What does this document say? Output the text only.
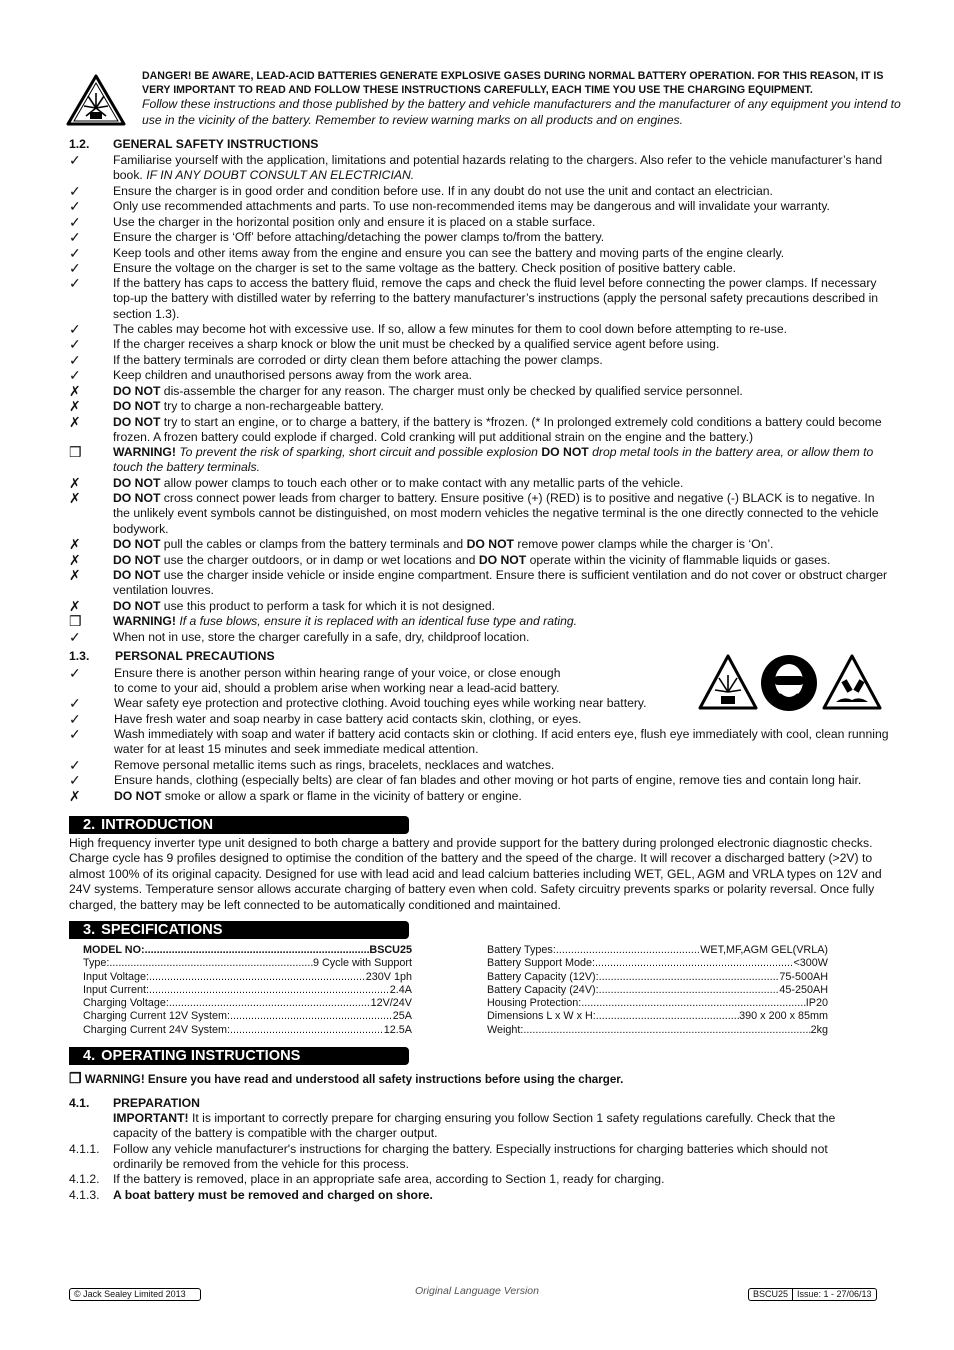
DANGER! BE AWARE, LEAD-ACID BATTERIES GENERATE EXPLOSIVE GASES DURING NORMAL BATTERY OPERATION. FOR THIS REASON, IT IS VERY IMPORTANT TO READ AND FOLLOW THESE INSTRUCTIONS CAREFULLY, EACH TIME YOU USE THE CHARGING EQUIPMENT.
Follow these instructions and those published by the battery and vehicle manufacturers and the manufacturer of any equipment you intend to use in the vicinity of the battery. Remember to review warning marks on all products and on engines.
1.2. GENERAL SAFETY INSTRUCTIONS
✓	Familiarise yourself with the application, limitations and potential hazards relating to the chargers. Also refer to the vehicle manufacturer’s hand book. IF IN ANY DOUBT CONSULT AN ELECTRICIAN.
✓	Ensure the charger is in good order and condition before use. If in any doubt do not use the unit and contact an electrician.
✓	Only use recommended attachments and parts. To use non-recommended items may be dangerous and will invalidate your warranty.
✓	Use the charger in the horizontal position only and ensure it is placed on a stable surface.
✓	Ensure the charger is ‘Off’ before attaching/detaching the power clamps to/from the battery.
✓	Keep tools and other items away from the engine and ensure you can see the battery and moving parts of the engine clearly.
✓	Ensure the voltage on the charger is set to the same voltage as the battery. Check position of positive battery cable.
✓	If the battery has caps to access the battery fluid, remove the caps and check the fluid level before connecting the power clamps. If necessary top-up the battery with distilled water by referring to the battery manufacturer’s instructions (apply the personal safety precautions described in section 1.3).
✓	The cables may become hot with excessive use. If so, allow a few minutes for them to cool down before attempting to re-use.
✓	If the charger receives a sharp knock or blow the unit must be checked by a qualified service agent before using.
✓	If the battery terminals are corroded or dirty clean them before attaching the power clamps.
✓	Keep children and unauthorised persons away from the work area.
✗	DO NOT dis-assemble the charger for any reason. The charger must only be checked by qualified service personnel.
✗	DO NOT try to charge a non-rechargeable battery.
✗	DO NOT try to start an engine, or to charge a battery, if the battery is *frozen. (* In prolonged extremely cold conditions a battery could become frozen. A frozen battery could explode if charged. Cold cranking will put additional strain on the engine and the battery.)
❒	WARNING! To prevent the risk of sparking, short circuit and possible explosion DO NOT drop metal tools in the battery area, or allow them to touch the battery terminals.
✗	DO NOT allow power clamps to touch each other or to make contact with any metallic parts of the vehicle.
✗	DO NOT cross connect power leads from charger to battery. Ensure positive (+) (RED) is to positive and negative (-) BLACK is to negative. In the unlikely event symbols cannot be distinguished, on most modern vehicles the negative terminal is the one directly connected to the vehicle bodywork.
✗	DO NOT pull the cables or clamps from the battery terminals and DO NOT remove power clamps while the charger is ‘On’.
✗	DO NOT use the charger outdoors, or in damp or wet locations and DO NOT operate within the vicinity of flammable liquids or gases.
✗	DO NOT use the charger inside vehicle or inside engine compartment. Ensure there is sufficient ventilation and do not cover or obstruct charger ventilation louvres.
✗	DO NOT use this product to perform a task for which it is not designed.
❒	WARNING! If a fuse blows, ensure it is replaced with an identical fuse type and rating.
✓	When not in use, store the charger carefully in a safe, dry, childproof location.
1.3. PERSONAL PRECAUTIONS
✓	Ensure there is another person within hearing range of your voice, or close enough
to come to your aid, should a problem arise when working near a lead-acid battery.
✓	Wear safety eye protection and protective clothing. Avoid touching eyes while working near battery.
✓	Have fresh water and soap nearby in case battery acid contacts skin, clothing, or eyes.
✓	Wash immediately with soap and water if battery acid contacts skin or clothing. If acid enters eye, flush eye immediately with cool, clean running water for at least 15 minutes and seek immediate medical attention.
✓	Remove personal metallic items such as rings, bracelets, necklaces and watches.
✓	Ensure hands, clothing (especially belts) are clear of fan blades and other moving or hot parts of engine, remove ties and contain long hair.
✗	DO NOT smoke or allow a spark or flame in the vicinity of battery or engine.
2. INTRODUCTION
High frequency inverter type unit designed to both charge a battery and provide support for the battery during prolonged electronic diagnostic checks. Charge cycle has 9 profiles designed to optimise the condition of the battery and the speed of the charge. It will recover a discharged battery (>2V) to almost 100% of its original capacity. Designed for use with lead acid and lead calcium batteries including WET, GEL, AGM and VRLA types on 12V and 24V systems. Temperature sensor allows accurate charging of battery even when cold. Safety circuitry prevents sparks or polarity reversal. Once fully charged, the battery may be left connected to be automatically conditioned and maintained.
3. SPECIFICATIONS
MODEL NO: .....	BSCU25
Type: .....	9 Cycle with Support
Input Voltage: .....	230V 1ph
Input Current: .....	2.4A
Charging Voltage: .....	12V/24V
Charging Current 12V System: .....	25A
Charging Current 24V System: .....	12.5A
Battery Types: .....	WET,MF,AGM GEL(VRLA)
Battery Support Mode: .....	<300W
Battery Capacity (12V): .....	75-500AH
Battery Capacity (24V): .....	45-250AH
Housing Protection: .....	IP20
Dimensions L x W x H: .....	390 x 200 x 85mm
Weight: .....	2kg
4. OPERATING INSTRUCTIONS
❒ WARNING! Ensure you have read and understood all safety instructions before using the charger.
4.1. PREPARATION
IMPORTANT! It is important to correctly prepare for charging ensuring you follow Section 1 safety regulations carefully. Check that the capacity of the battery is compatible with the charger output.
4.1.1. Follow any vehicle manufacturer's instructions for charging the battery. Especially instructions for charging batteries which should not ordinarily be removed from the vehicle for this process.
4.1.2. If the battery is removed, place in an appropriate safe area, according to Section 1, ready for charging.
4.1.3. A boat battery must be removed and charged on shore.
© Jack Sealey Limited 2013	Original Language Version	BSCU25	Issue: 1 - 27/06/13
